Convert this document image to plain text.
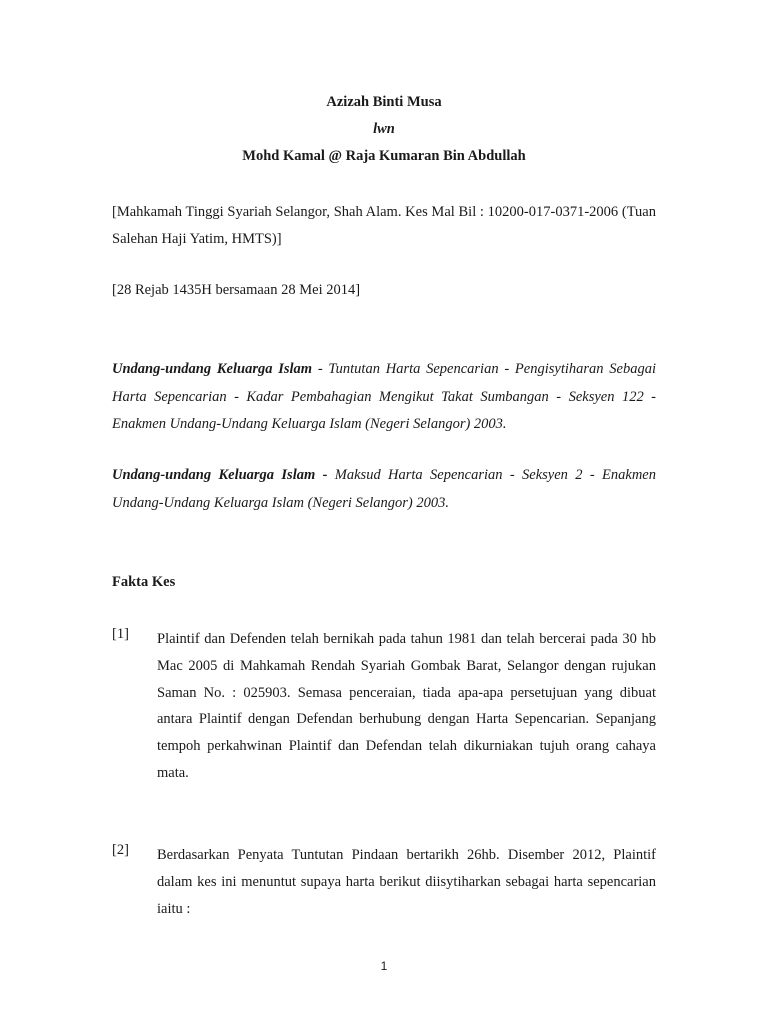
Azizah Binti Musa
lwn
Mohd Kamal @ Raja Kumaran Bin Abdullah

[Mahkamah Tinggi Syariah Selangor, Shah Alam. Kes Mal Bil : 10200-017-0371-2006 (Tuan Salehan Haji Yatim, HMTS)]

[28 Rejab 1435H bersamaan 28 Mei 2014]

Undang-undang Keluarga Islam - Tuntutan Harta Sepencarian - Pengisytiharan Sebagai Harta Sepencarian - Kadar Pembahagian Mengikut Takat Sumbangan - Seksyen 122 - Enakmen Undang-Undang Keluarga Islam (Negeri Selangor) 2003.

Undang-undang Keluarga Islam - Maksud Harta Sepencarian - Seksyen 2 - Enakmen Undang-Undang Keluarga Islam (Negeri Selangor) 2003.

Fakta Kes
[1] Plaintif dan Defenden telah bernikah pada tahun 1981 dan telah bercerai pada 30 hb Mac 2005 di Mahkamah Rendah Syariah Gombak Barat, Selangor dengan rujukan Saman No. : 025903. Semasa penceraian, tiada apa-apa persetujuan yang dibuat antara Plaintif dengan Defendan berhubung dengan Harta Sepencarian. Sepanjang tempoh perkahwinan Plaintif dan Defendan telah dikurniakan tujuh orang cahaya mata.

[2] Berdasarkan Penyata Tuntutan Pindaan bertarikh 26hb. Disember 2012, Plaintif dalam kes ini menuntut supaya harta berikut diisytiharkan sebagai harta sepencarian iaitu :

1
